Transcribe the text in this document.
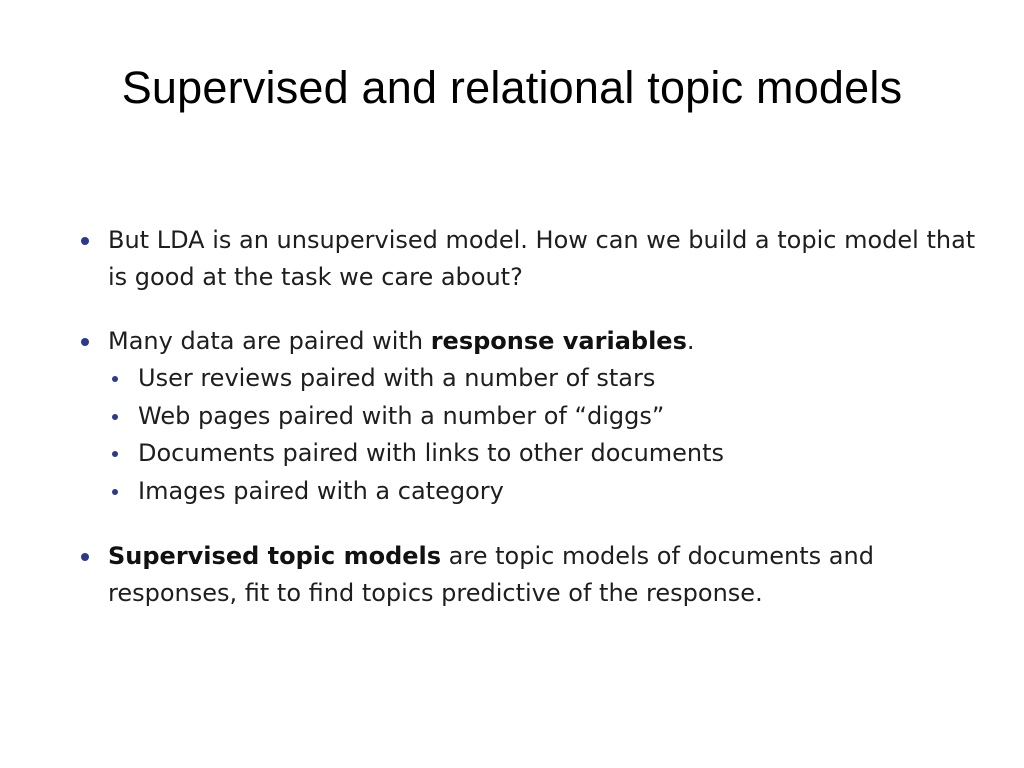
Supervised and relational topic models
But LDA is an unsupervised model. How can we build a topic model that is good at the task we care about?
Many data are paired with response variables.
User reviews paired with a number of stars
Web pages paired with a number of “diggs”
Documents paired with links to other documents
Images paired with a category
Supervised topic models are topic models of documents and responses, fit to find topics predictive of the response.
